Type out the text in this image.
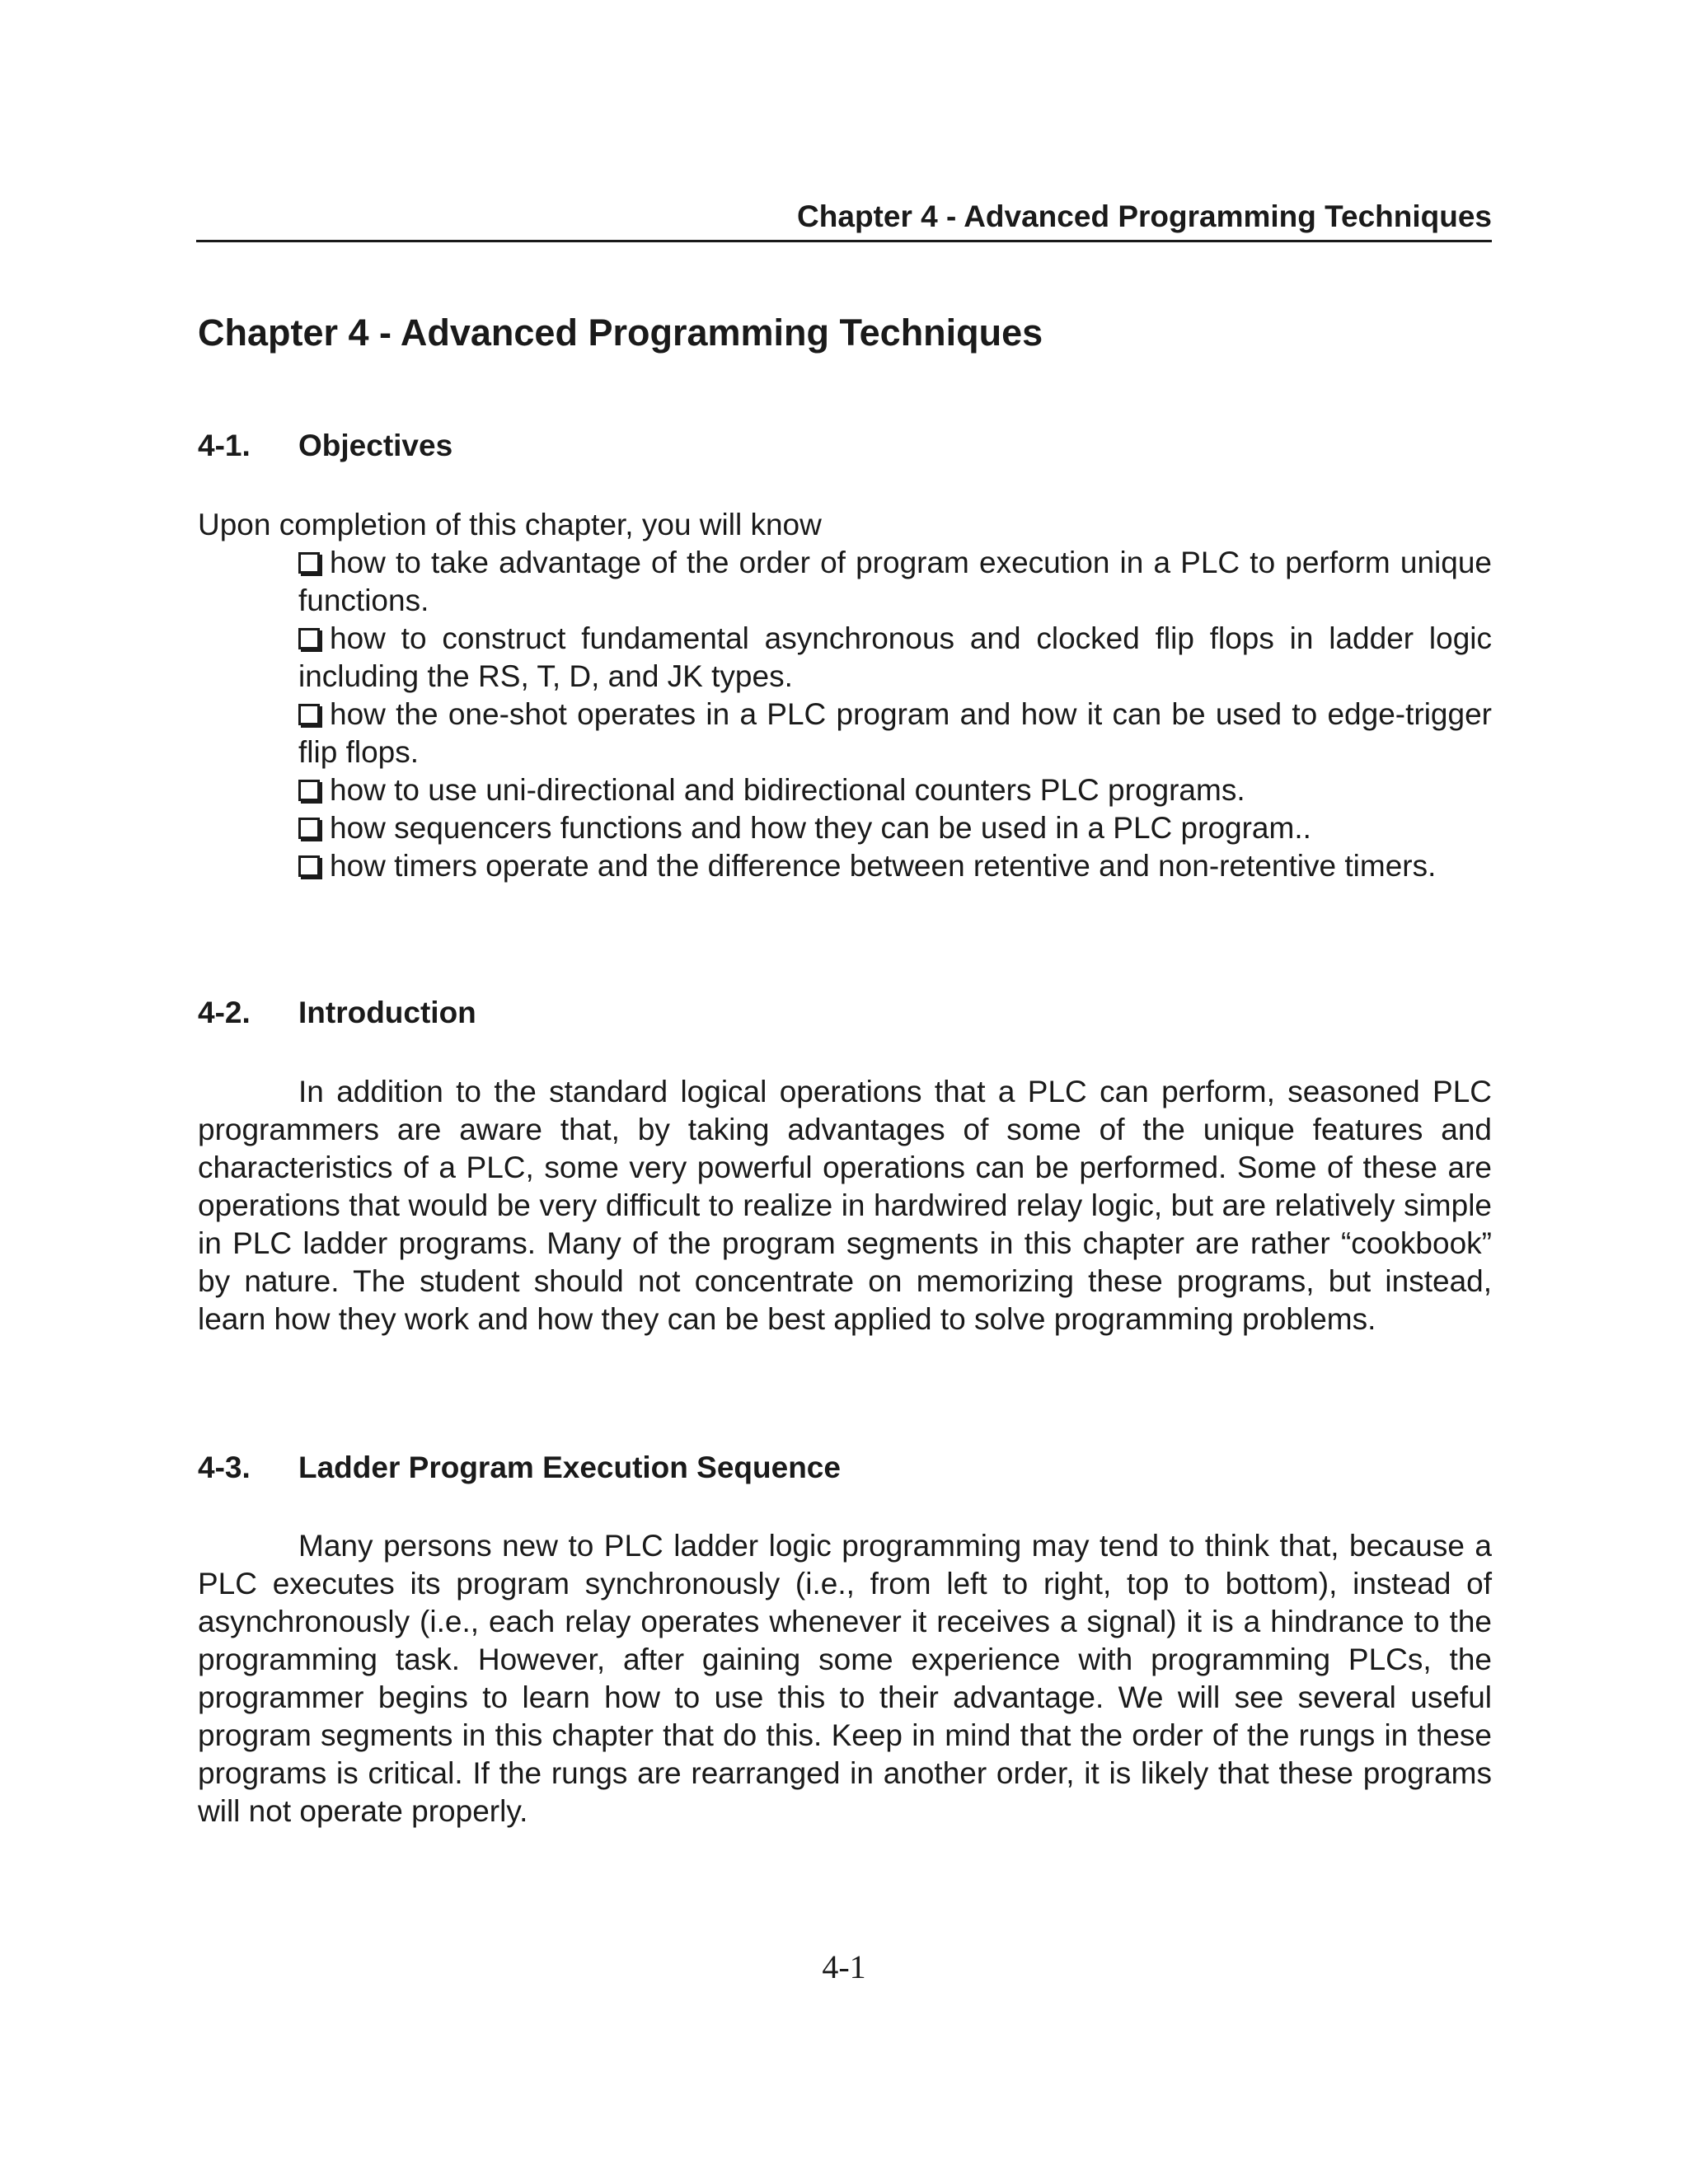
Chapter 4 - Advanced Programming Techniques
Chapter 4 - Advanced Programming Techniques
4-1. Objectives

Upon completion of this chapter, you will know

how to take advantage of the order of program execution in a PLC to perform unique functions.
how to construct fundamental asynchronous and clocked flip flops in ladder logic including the RS, T, D, and JK types.
how the one-shot operates in a PLC program and how it can be used to edge-trigger flip flops.
how to use uni-directional and bidirectional counters PLC programs.
how sequencers functions and how they can be used in a PLC program..
how timers operate and the difference between retentive and non-retentive timers.
4-2. Introduction

In addition to the standard logical operations that a PLC can perform, seasoned PLC programmers are aware that, by taking advantages of some of the unique features and characteristics of a PLC, some very powerful operations can be performed. Some of these are operations that would be very difficult to realize in hardwired relay logic, but are relatively simple in PLC ladder programs. Many of the program segments in this chapter are rather “cookbook” by nature. The student should not concentrate on memorizing these programs, but instead, learn how they work and how they can be best applied to solve programming problems.

4-3. Ladder Program Execution Sequence

Many persons new to PLC ladder logic programming may tend to think that, because a PLC executes its program synchronously (i.e., from left to right, top to bottom), instead of asynchronously (i.e., each relay operates whenever it receives a signal) it is a hindrance to the programming task. However, after gaining some experience with programming PLCs, the programmer begins to learn how to use this to their advantage. We will see several useful program segments in this chapter that do this. Keep in mind that the order of the rungs in these programs is critical. If the rungs are rearranged in another order, it is likely that these programs will not operate properly.

4-1
